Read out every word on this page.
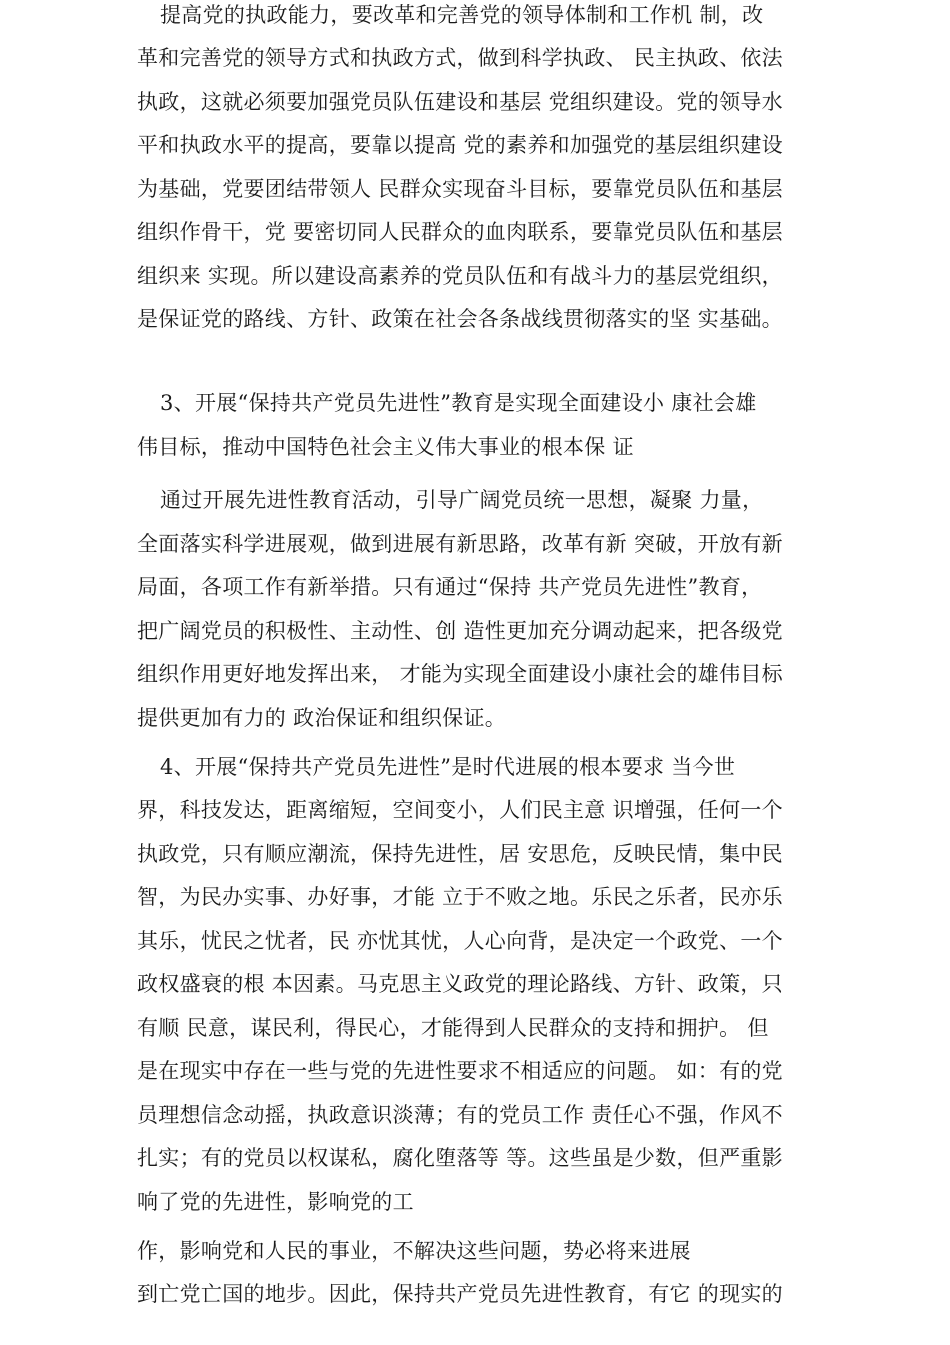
提高党的执政能力，要改革和完善党的领导体制和工作机 制，改
革和完善党的领导方式和执政方式，做到科学执政、 民主执政、依法
执政，这就必须要加强党员队伍建设和基层 党组织建设。党的领导水
平和执政水平的提高，要靠以提高 党的素养和加强党的基层组织建设
为基础，党要团结带领人 民群众实现奋斗目标，要靠党员队伍和基层
组织作骨干，党 要密切同人民群众的血肉联系，要靠党员队伍和基层
组织来 实现。所以建设高素养的党员队伍和有战斗力的基层党组织，
是保证党的路线、方针、政策在社会各条战线贯彻落实的坚 实基础。
3、开展“保持共产党员先进性”教育是实现全面建设小 康社会雄
伟目标，推动中国特色社会主义伟大事业的根本保 证
通过开展先进性教育活动，引导广阔党员统一思想，凝聚 力量，
全面落实科学进展观，做到进展有新思路，改革有新 突破，开放有新
局面，各项工作有新举措。只有通过“保持 共产党员先进性”教育，
把广阔党员的积极性、主动性、创 造性更加充分调动起来，把各级党
组织作用更好地发挥出来， 才能为实现全面建设小康社会的雄伟目标
提供更加有力的 政治保证和组织保证。
4、开展“保持共产党员先进性”是时代进展的根本要求 当今世
界，科技发达，距离缩短，空间变小，人们民主意 识增强，任何一个
执政党，只有顺应潮流，保持先进性，居 安思危，反映民情，集中民
智，为民办实事、办好事，才能 立于不败之地。乐民之乐者，民亦乐
其乐，忧民之忧者，民 亦忧其忧，人心向背，是决定一个政党、一个
政权盛衰的根 本因素。马克思主义政党的理论路线、方针、政策，只
有顺 民意，谋民利，得民心，才能得到人民群众的支持和拥护。 但
是在现实中存在一些与党的先进性要求不相适应的问题。 如：有的党
员理想信念动摇，执政意识淡薄；有的党员工作 责任心不强，作风不
扎实；有的党员以权谋私，腐化堕落等 等。这些虽是少数，但严重影
响了党的先进性，影响党的工
作，影响党和人民的事业，不解决这些问题，势必将来进展
到亡党亡国的地步。因此，保持共产党员先进性教育，有它 的现实的
